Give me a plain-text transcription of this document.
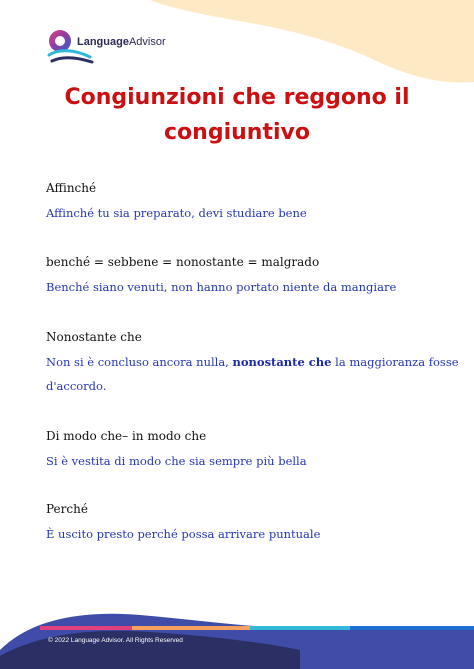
LanguageAdvisor
Congiunzioni che reggono il
congiuntivo
Affinché
Affinché tu sia preparato, devi studiare bene
benché = sebbene = nonostante = malgrado
Benché siano venuti, non hanno portato niente da mangiare
Nonostante che
Non si è concluso ancora nulla, nonostante che la maggioranza fosse
d'accordo.
Di modo che– in modo che
Si è vestita di modo che sia sempre più bella
Perché
È uscito presto perché possa arrivare puntuale
© 2022 Language Advisor. All Rights Reserved
